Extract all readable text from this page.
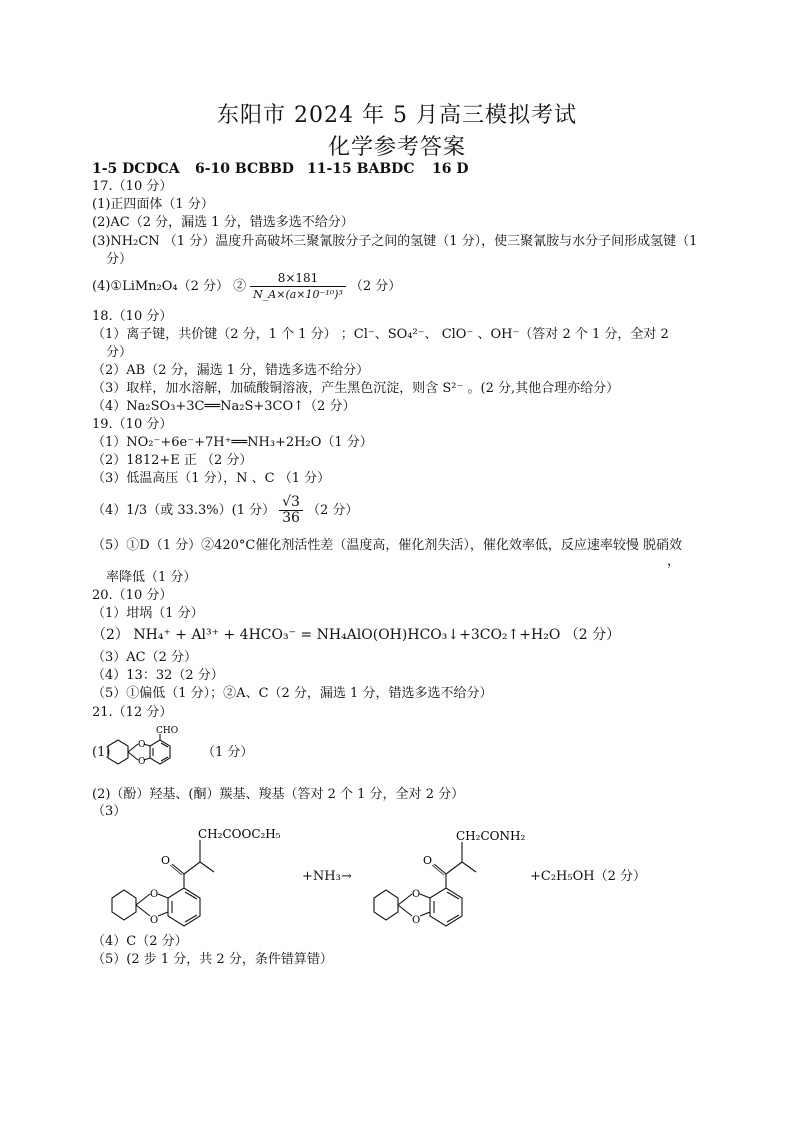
东阳市 2024 年 5 月高三模拟考试
化学参考答案
1-5 DCDCA 6-10 BCBBD 11-15 BABDC 16 D
17.（10 分）
(1)正四面体（1 分）
(2)AC（2 分，漏选 1 分，错选多选不给分）
(3)NH₂CN （1 分）温度升高破坏三聚氰胺分子之间的氢键（1 分），使三聚氰胺与水分子间形成氢键（1
分）
(4)①LiMn₂O₄（2 分） ② $\frac{8\times 181}{\text{N\_A×(a×10⁻¹⁰)³}} (2$ 分）
18.（10 分）
（1）离子键，共价键（2 分，1 个 1 分） ；Cl⁻、SO₄²⁻、 ClO⁻ 、OH⁻（答对 2 个 1 分，全对 2
分）
（2）AB（2 分，漏选 1 分，错选多选不给分）
（3）取样，加水溶解，加硫酸铜溶液，产生黑色沉淀，则含 S²⁻ 。(2 分,其他合理亦给分）
（4）Na₂SO₃+3C══Na₂S+3CO↑（2 分）
19.（10 分）
（1）NO₂⁻+6e⁻+7H⁺══NH₃+2H₂O（1 分）
（2）1812+E 正 （2 分）
（3）低温高压（1 分），N 、C （1 分）
（4）1/3（或 33.3%）(1 分） $\frac{√3}{36} (2$ 分）
（5）①D（1 分）②420°C催化剂活性差（温度高，催化剂失活），催化效率低，反应速率较慢 脱硝效
，
率降低（1 分）
20.（10 分）
（1）坩埚（1 分）
（2） NH₄⁺ + Al³⁺ + 4HCO₃⁻ = NH₄AlO(OH)HCO₃↓+3CO₂↑+H₂O （2 分）
（3）AC（2 分）
（4）13：32（2 分）
（5）①偏低（1 分）；②A、C（2 分，漏选 1 分，错选多选不给分）
21.（12 分）
(1)	O
O
CHO
（1 分）
(2)（酚）羟基、(酮）羰基、羧基（答对 2 个 1 分，全对 2 分）
（3）
O
O
O
CH₂COOC₂H₅
+NH₃→
O
O
O
CH₂CONH₂
+C₂H₅OH（2 分）
（4）C（2 分）
（5）(2 步 1 分，共 2 分，条件错算错）
